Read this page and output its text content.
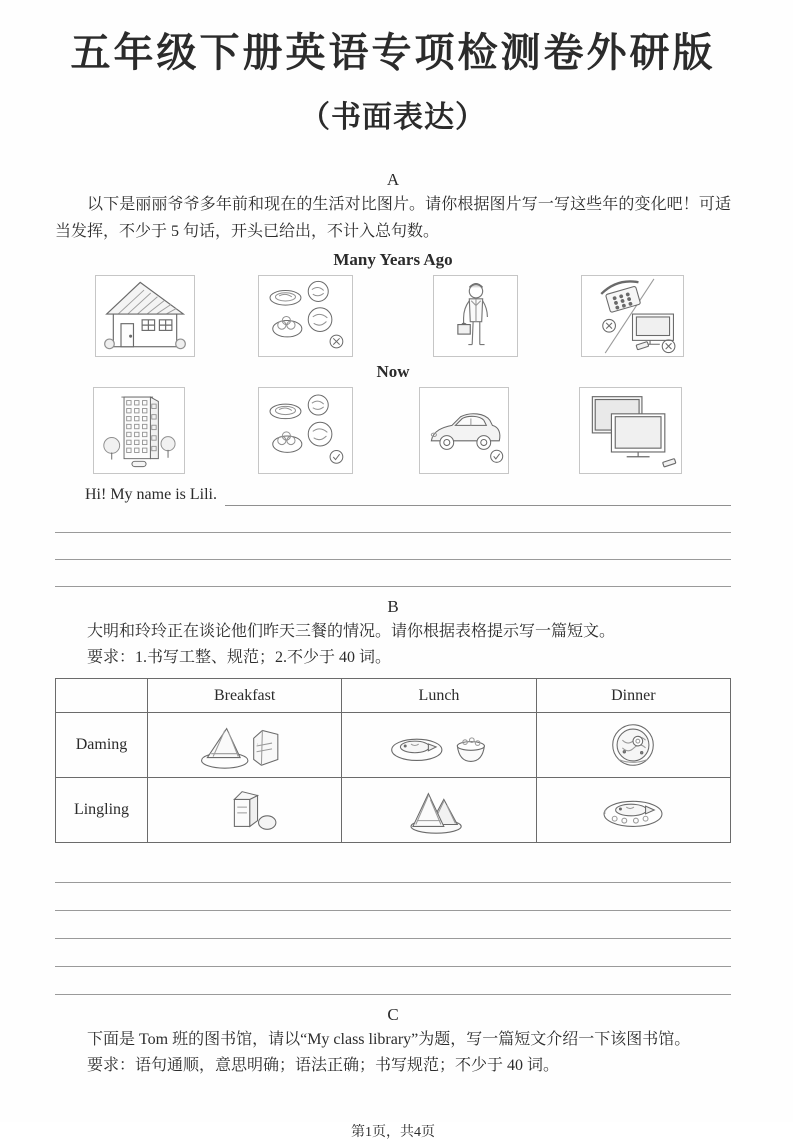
五年级下册英语专项检测卷外研版
（书面表达）
A

以下是丽丽爷爷多年前和现在的生活对比图片。请你根据图片写一写这些年的变化吧！可适当发挥，不少于 5 句话，开头已给出，不计入总句数。

Many Years Ago
Now
Hi! My name is Lili.
B

大明和玲玲正在谈论他们昨天三餐的情况。请你根据表格提示写一篇短文。

要求：1.书写工整、规范；2.不少于 40 词。

	Breakfast	Lunch	Dinner
Daming	

Lingling	

C

下面是 Tom 班的图书馆，请以“My class library”为题，写一篇短文介绍一下该图书馆。

要求：语句通顺，意思明确；语法正确；书写规范；不少于 40 词。

第1页，共4页
